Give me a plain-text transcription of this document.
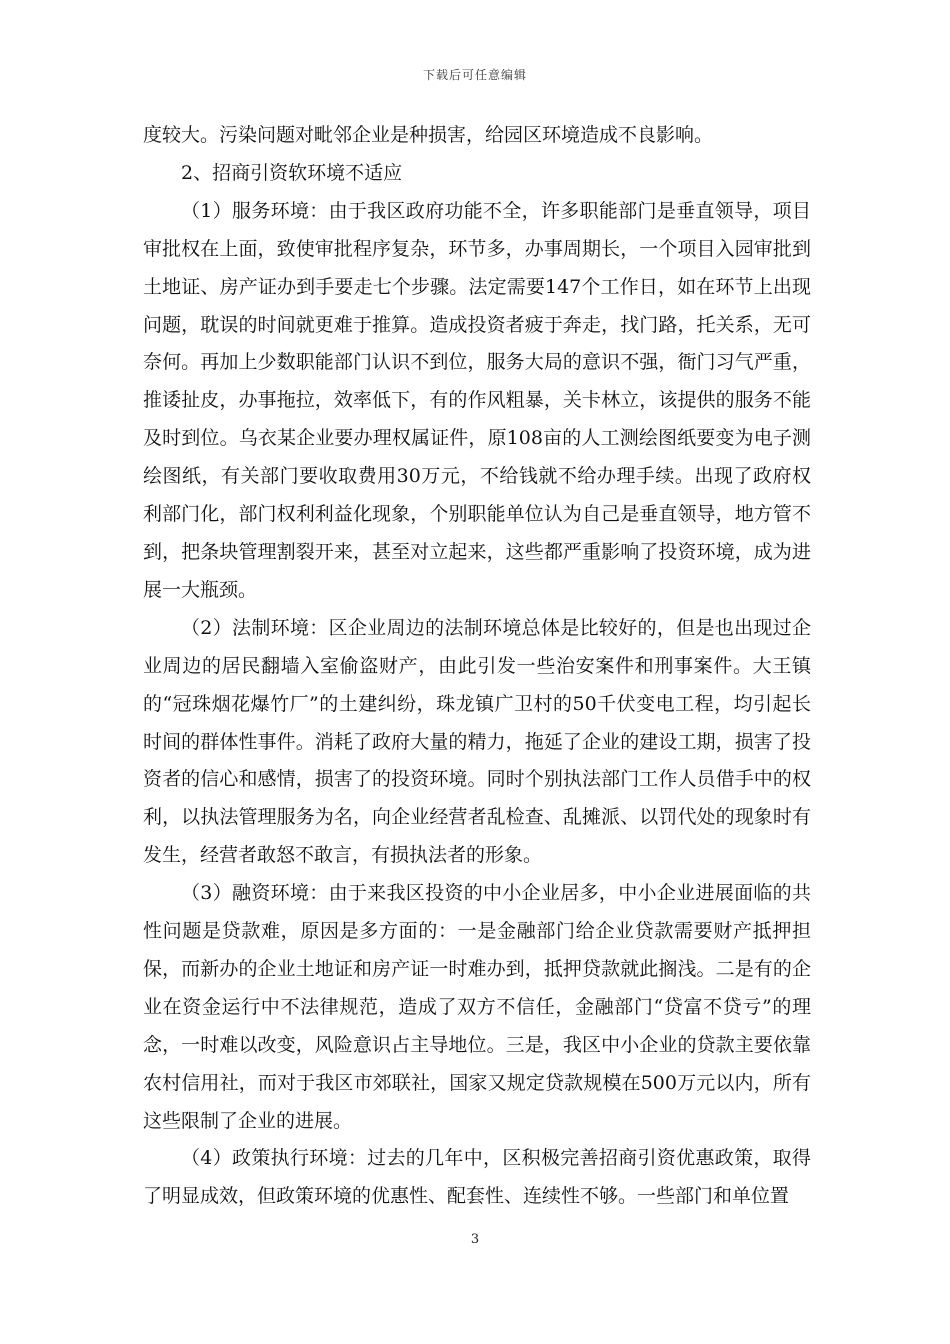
下载后可任意编辑

度较大。污染问题对毗邻企业是种损害，给园区环境造成不良影响。

2、招商引资软环境不适应

（1）服务环境：由于我区政府功能不全，许多职能部门是垂直领导，项目审批权在上面，致使审批程序复杂，环节多，办事周期长，一个项目入园审批到土地证、房产证办到手要走七个步骤。法定需要147个工作日，如在环节上出现问题，耽误的时间就更难于推算。造成投资者疲于奔走，找门路，托关系，无可奈何。再加上少数职能部门认识不到位，服务大局的意识不强，衙门习气严重，推诿扯皮，办事拖拉，效率低下，有的作风粗暴，关卡林立，该提供的服务不能及时到位。乌衣某企业要办理权属证件，原108亩的人工测绘图纸要变为电子测绘图纸，有关部门要收取费用30万元，不给钱就不给办理手续。出现了政府权利部门化，部门权利利益化现象，个别职能单位认为自己是垂直领导，地方管不到，把条块管理割裂开来，甚至对立起来，这些都严重影响了投资环境，成为进展一大瓶颈。

（2）法制环境：区企业周边的法制环境总体是比较好的，但是也出现过企业周边的居民翻墙入室偷盗财产，由此引发一些治安案件和刑事案件。大王镇的“冠珠烟花爆竹厂”的土建纠纷，珠龙镇广卫村的50千伏变电工程，均引起长时间的群体性事件。消耗了政府大量的精力，拖延了企业的建设工期，损害了投资者的信心和感情，损害了的投资环境。同时个别执法部门工作人员借手中的权利，以执法管理服务为名，向企业经营者乱检查、乱摊派、以罚代处的现象时有发生，经营者敢怒不敢言，有损执法者的形象。

（3）融资环境：由于来我区投资的中小企业居多，中小企业进展面临的共性问题是贷款难，原因是多方面的：一是金融部门给企业贷款需要财产抵押担保，而新办的企业土地证和房产证一时难办到，抵押贷款就此搁浅。二是有的企业在资金运行中不法律规范，造成了双方不信任，金融部门“贷富不贷亏”的理念，一时难以改变，风险意识占主导地位。三是，我区中小企业的贷款主要依靠农村信用社，而对于我区市郊联社，国家又规定贷款规模在500万元以内，所有这些限制了企业的进展。

（4）政策执行环境：过去的几年中，区积极完善招商引资优惠政策，取得了明显成效，但政策环境的优惠性、配套性、连续性不够。一些部门和单位置

3
